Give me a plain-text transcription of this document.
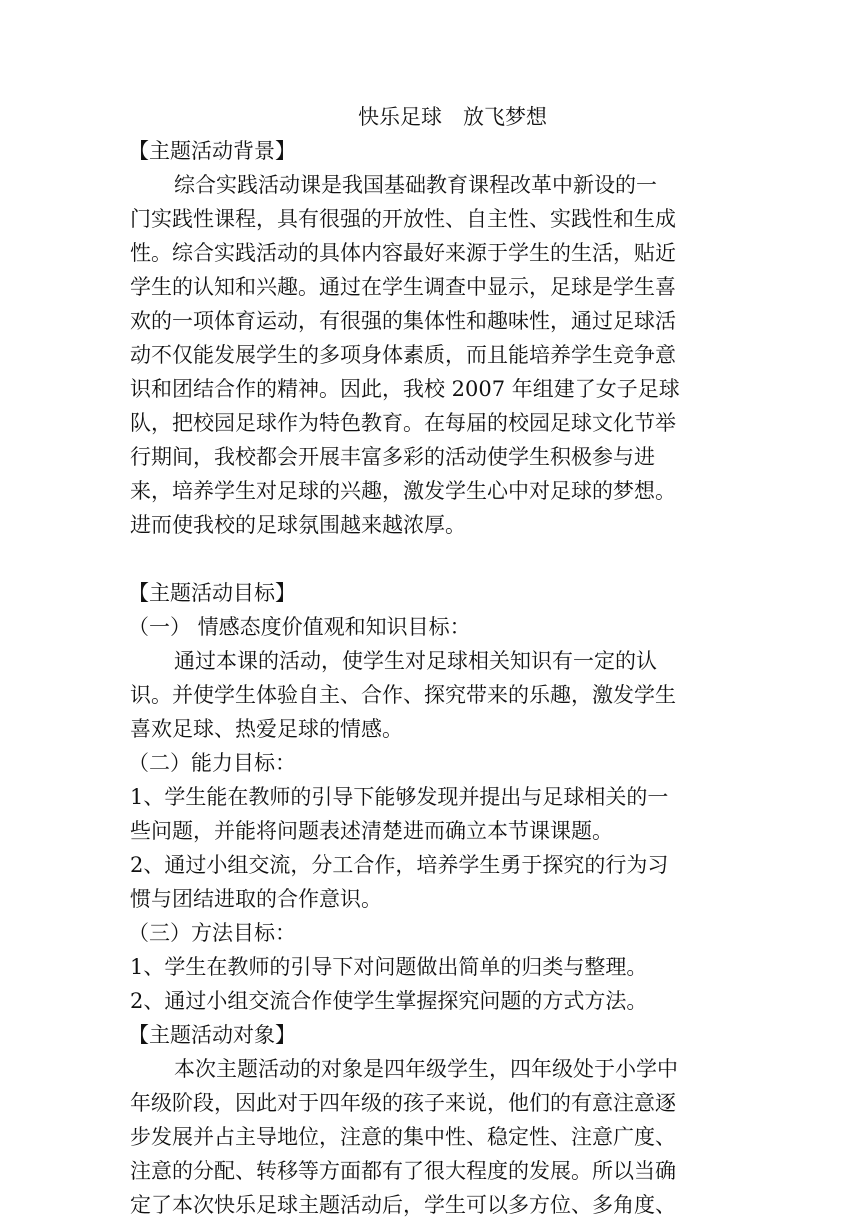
快乐足球　放飞梦想
【主题活动背景】
综合实践活动课是我国基础教育课程改革中新设的一
门实践性课程，具有很强的开放性、自主性、实践性和生成
性。综合实践活动的具体内容最好来源于学生的生活，贴近
学生的认知和兴趣。通过在学生调查中显示，足球是学生喜
欢的一项体育运动，有很强的集体性和趣味性，通过足球活
动不仅能发展学生的多项身体素质，而且能培养学生竞争意
识和团结合作的精神。因此，我校 2007 年组建了女子足球
队，把校园足球作为特色教育。在每届的校园足球文化节举
行期间，我校都会开展丰富多彩的活动使学生积极参与进
来，培养学生对足球的兴趣，激发学生心中对足球的梦想。
进而使我校的足球氛围越来越浓厚。
【主题活动目标】
（一） 情感态度价值观和知识目标：
通过本课的活动，使学生对足球相关知识有一定的认
识。并使学生体验自主、合作、探究带来的乐趣，激发学生
喜欢足球、热爱足球的情感。
（二）能力目标：
1、学生能在教师的引导下能够发现并提出与足球相关的一
些问题，并能将问题表述清楚进而确立本节课课题。
2、通过小组交流，分工合作，培养学生勇于探究的行为习
惯与团结进取的合作意识。
（三）方法目标：
1、学生在教师的引导下对问题做出简单的归类与整理。
2、通过小组交流合作使学生掌握探究问题的方式方法。
【主题活动对象】
本次主题活动的对象是四年级学生，四年级处于小学中
年级阶段，因此对于四年级的孩子来说，他们的有意注意逐
步发展并占主导地位，注意的集中性、稳定性、注意广度、
注意的分配、转移等方面都有了很大程度的发展。所以当确
定了本次快乐足球主题活动后，学生可以多方位、多角度、
